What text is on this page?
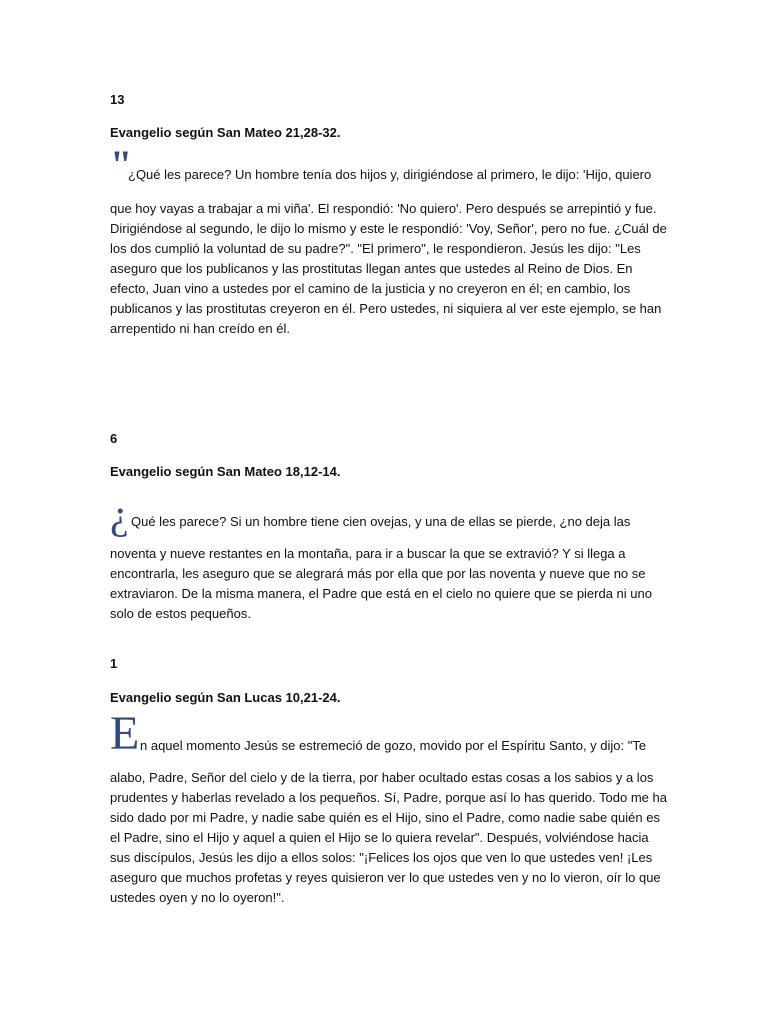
13

Evangelio según San Mateo 21,28-32.

"
¿Qué les parece? Un hombre tenía dos hijos y, dirigiéndose al primero, le dijo: 'Hijo, quiero

que hoy vayas a trabajar a mi viña'. El respondió: 'No quiero'. Pero después se arrepintió y fue. Dirigiéndose al segundo, le dijo lo mismo y este le respondió: 'Voy, Señor', pero no fue. ¿Cuál de los dos cumplió la voluntad de su padre?". "El primero", le respondieron. Jesús les dijo: "Les aseguro que los publicanos y las prostitutas llegan antes que ustedes al Reino de Dios. En efecto, Juan vino a ustedes por el camino de la justicia y no creyeron en él; en cambio, los publicanos y las prostitutas creyeron en él. Pero ustedes, ni siquiera al ver este ejemplo, se han arrepentido ni han creído en él.

6

Evangelio según San Mateo 18,12-14.

¿ Qué les parece? Si un hombre tiene cien ovejas, y una de ellas se pierde, ¿no deja las

noventa y nueve restantes en la montaña, para ir a buscar la que se extravió? Y si llega a encontrarla, les aseguro que se alegrará más por ella que por las noventa y nueve que no se extraviaron. De la misma manera, el Padre que está en el cielo no quiere que se pierda ni uno solo de estos pequeños.

1

Evangelio según San Lucas 10,21-24.

E n aquel momento Jesús se estremeció de gozo, movido por el Espíritu Santo, y dijo: "Te

alabo, Padre, Señor del cielo y de la tierra, por haber ocultado estas cosas a los sabios y a los prudentes y haberlas revelado a los pequeños. Sí, Padre, porque así lo has querido. Todo me ha sido dado por mi Padre, y nadie sabe quién es el Hijo, sino el Padre, como nadie sabe quién es el Padre, sino el Hijo y aquel a quien el Hijo se lo quiera revelar". Después, volviéndose hacia sus discípulos, Jesús les dijo a ellos solos: "¡Felices los ojos que ven lo que ustedes ven! ¡Les aseguro que muchos profetas y reyes quisieron ver lo que ustedes ven y no lo vieron, oír lo que ustedes oyen y no lo oyeron!".
